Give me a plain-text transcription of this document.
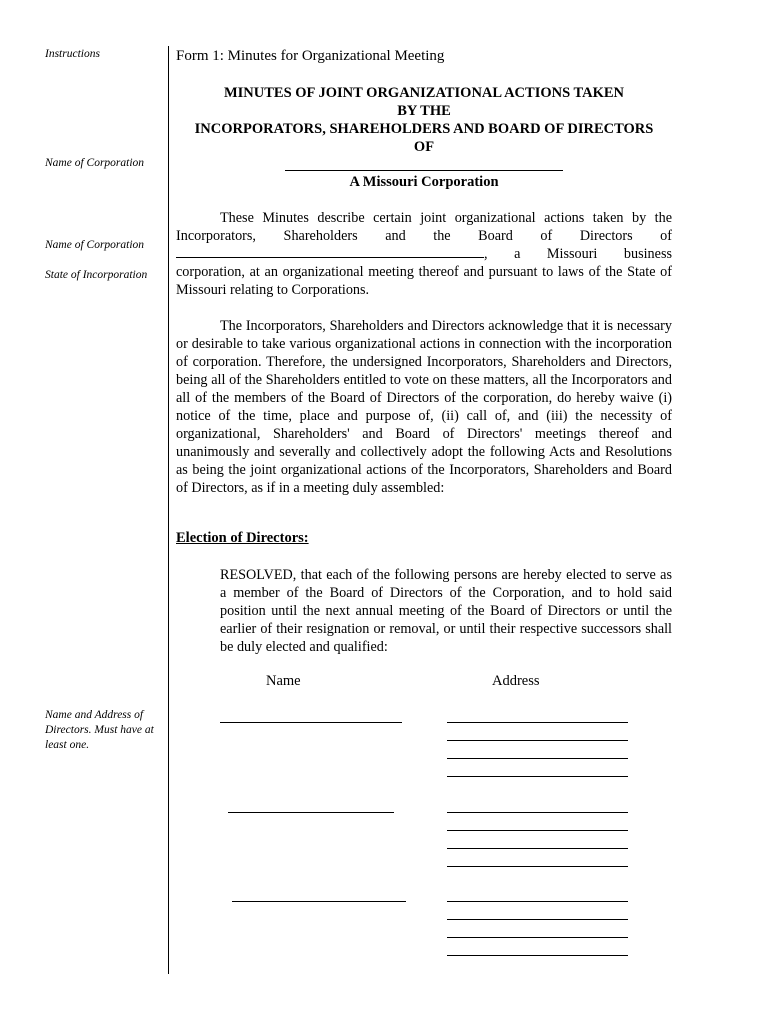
Instructions
Name of Corporation
Name of Corporation
State of Incorporation
Name and Address of Directors. Must have at least one.
Form 1: Minutes for Organizational Meeting
MINUTES OF JOINT ORGANIZATIONAL ACTIONS TAKEN
BY THE
INCORPORATORS, SHAREHOLDERS AND BOARD OF DIRECTORS
OF
A Missouri Corporation

These Minutes describe certain joint organizational actions taken by the Incorporators, Shareholders and the Board of Directors of , a Missouri business corporation, at an organizational meeting thereof and pursuant to laws of the State of Missouri relating to Corporations.

The Incorporators, Shareholders and Directors acknowledge that it is necessary or desirable to take various organizational actions in connection with the incorporation of corporation. Therefore, the undersigned Incorporators, Shareholders and Directors, being all of the Shareholders entitled to vote on these matters, all the Incorporators and all of the members of the Board of Directors of the corporation, do hereby waive (i) notice of the time, place and purpose of, (ii) call of, and (iii) the necessity of organizational, Shareholders' and Board of Directors' meetings thereof and unanimously and severally and collectively adopt the following Acts and Resolutions as being the joint organizational actions of the Incorporators, Shareholders and Board of Directors, as if in a meeting duly assembled:

Election of Directors:

RESOLVED, that each of the following persons are hereby elected to serve as a member of the Board of Directors of the Corporation, and to hold said position until the next annual meeting of the Board of Directors or until the earlier of their resignation or removal, or until their respective successors shall be duly elected and qualified:

Name	Address
